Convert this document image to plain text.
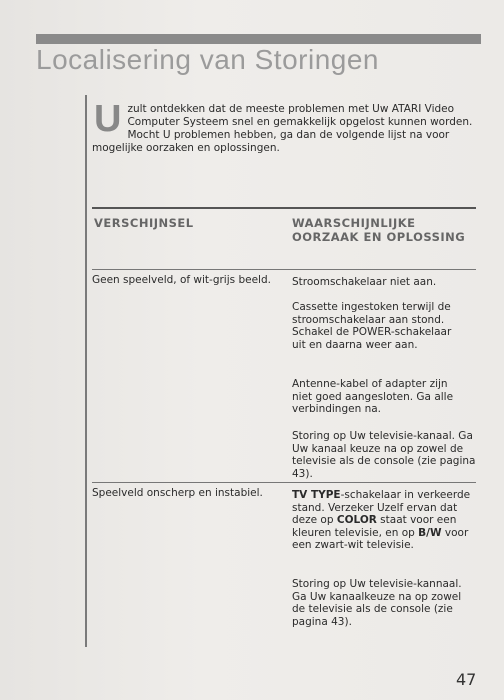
Localisering van Storingen

U zult ontdekken dat de meeste problemen met Uw ATARI Video Computer Systeem snel en gemakkelijk opgelost kunnen worden. Mocht U problemen hebben, ga dan de volgende lijst na voor mogelijke oorzaken en oplossingen.

VERSCHIJNSEL	WAARSCHIJNLIJKE OORZAAK EN OPLOSSING

Geen speelveld, of wit-grijs beeld.	Stroomschakelaar niet aan.

Cassette ingestoken terwijl de stroomschakelaar aan stond. Schakel de POWER-schakelaar uit en daarna weer aan.

Antenne-kabel of adapter zijn niet goed aangesloten. Ga alle verbindingen na.

Storing op Uw televisie-kanaal. Ga Uw kanaal keuze na op zowel de televisie als de console (zie pagina 43).

Speelveld onscherp en instabiel.	TV TYPE-schakelaar in verkeerde stand. Verzeker Uzelf ervan dat deze op COLOR staat voor een kleuren televisie, en op B/W voor een zwart-wit televisie.

Storing op Uw televisie-kannaal. Ga Uw kanaalkeuze na op zowel de televisie als de console (zie pagina 43).

47
